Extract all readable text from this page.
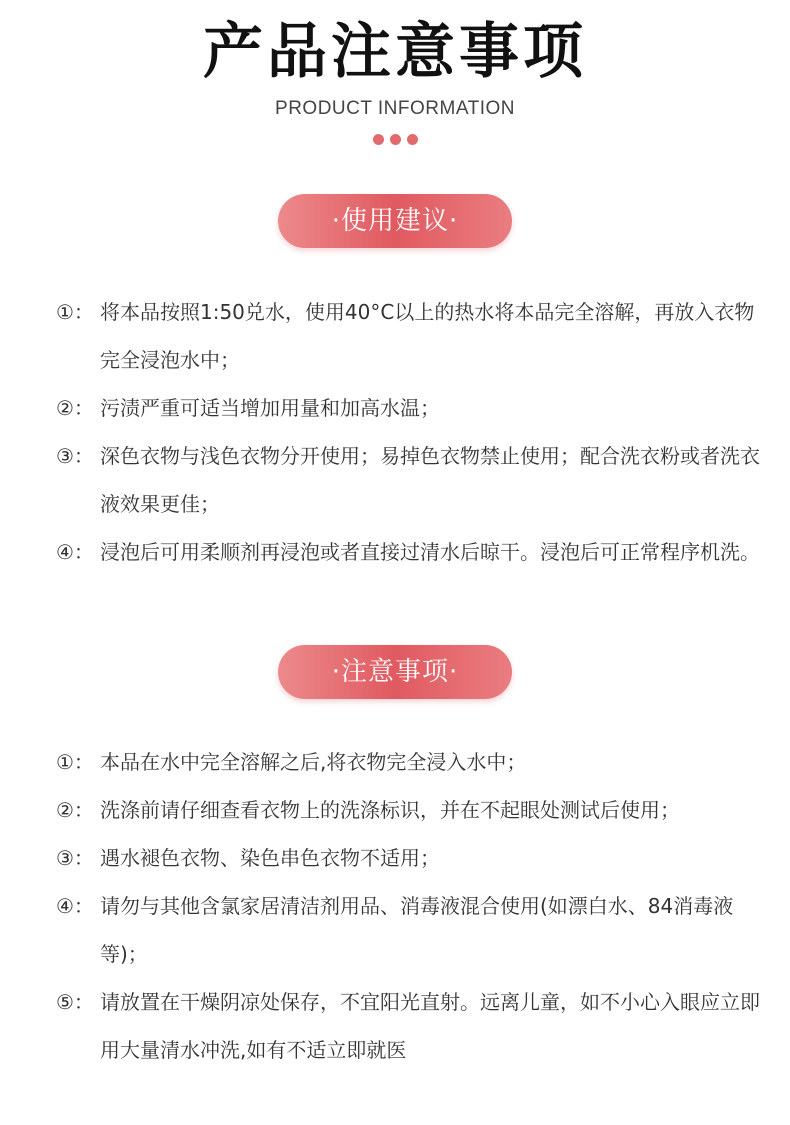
产品注意事项
PRODUCT INFORMATION
·使用建议·
①： 将本品按照1:50兑水，使用40°C以上的热水将本品完全溶解，再放入衣物完全浸泡水中；
②： 污渍严重可适当增加用量和加高水温；
③： 深色衣物与浅色衣物分开使用；易掉色衣物禁止使用；配合洗衣粉或者洗衣液效果更佳；
④： 浸泡后可用柔顺剂再浸泡或者直接过清水后晾干。浸泡后可正常程序机洗。
·注意事项·
①： 本品在水中完全溶解之后,将衣物完全浸入水中；
②： 洗涤前请仔细查看衣物上的洗涤标识，并在不起眼处测试后使用；
③： 遇水褪色衣物、染色串色衣物不适用；
④： 请勿与其他含氯家居清洁剂用品、消毒液混合使用(如漂白水、84消毒液等)；
⑤： 请放置在干燥阴凉处保存，不宜阳光直射。远离儿童，如不小心入眼应立即用大量清水冲洗,如有不适立即就医
